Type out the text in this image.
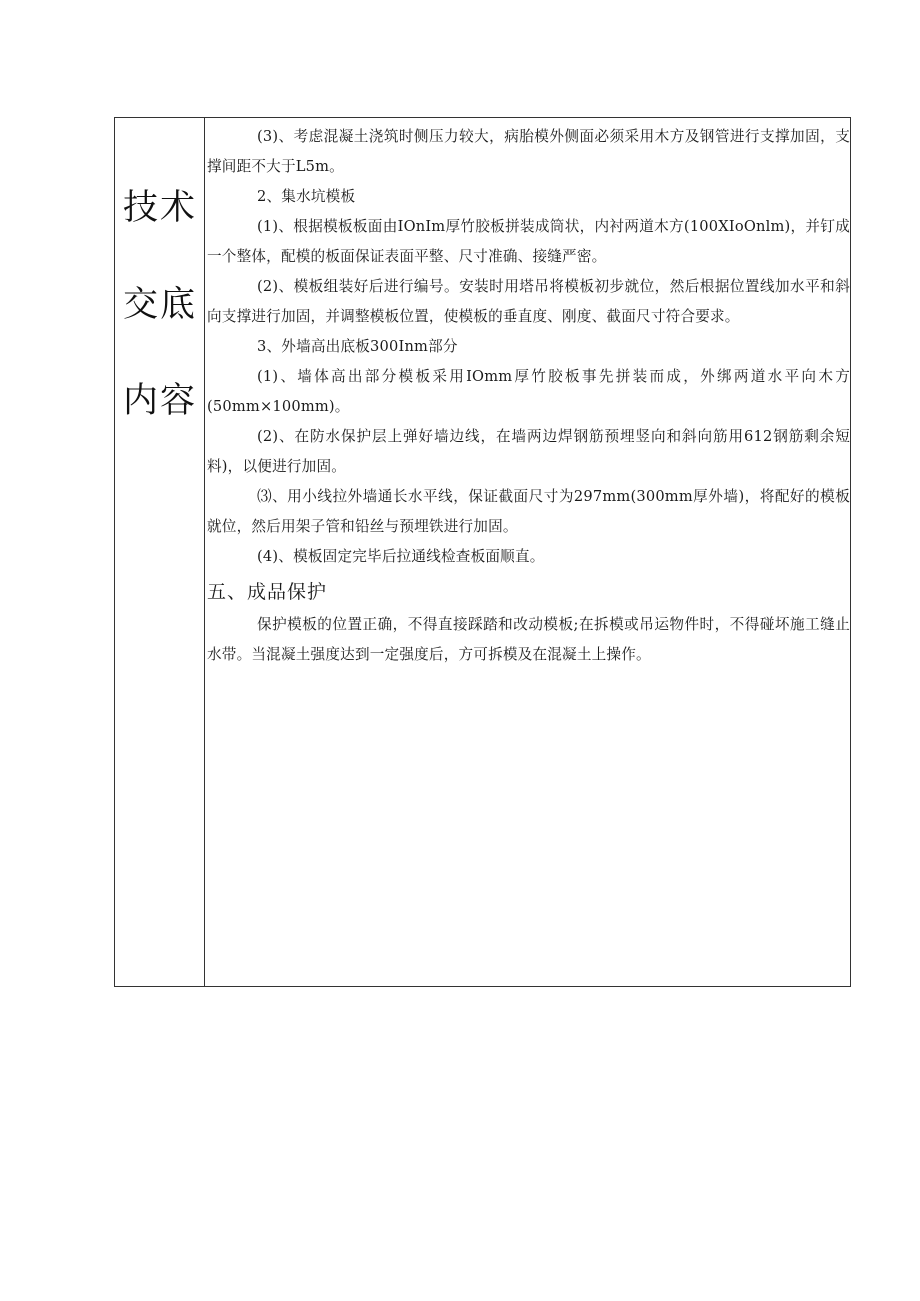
技术
交底
内容

(3)、考虑混凝土浇筑时侧压力较大，病胎模外侧面必须采用木方及钢管进行支撑加固，支撑间距不大于L5m。

2、集水坑模板

(1)、根据模板板面由IOnIm厚竹胶板拼装成筒状，内衬两道木方(100XIoOnlm)，并钉成一个整体，配模的板面保证表面平整、尺寸准确、接缝严密。

(2)、模板组装好后进行编号。安装时用塔吊将模板初步就位，然后根据位置线加水平和斜向支撑进行加固，并调整模板位置，使模板的垂直度、刚度、截面尺寸符合要求。

3、外墙高出底板300Inm部分

(1)、墙体高出部分模板采用IOmm厚竹胶板事先拼装而成，外绑两道水平向木方(50mm×100mm)。

(2)、在防水保护层上弹好墙边线，在墙两边焊钢筋预埋竖向和斜向筋用612钢筋剩余短料)，以便进行加固。

⑶、用小线拉外墙通长水平线，保证截面尺寸为297mm(300mm厚外墙)，将配好的模板就位，然后用架子管和铅丝与预埋铁进行加固。

(4)、模板固定完毕后拉通线检查板面顺直。

五、成品保护

保护模板的位置正确，不得直接踩踏和改动模板;在拆模或吊运物件时，不得碰坏施工缝止水带。当混凝土强度达到一定强度后，方可拆模及在混凝土上操作。
